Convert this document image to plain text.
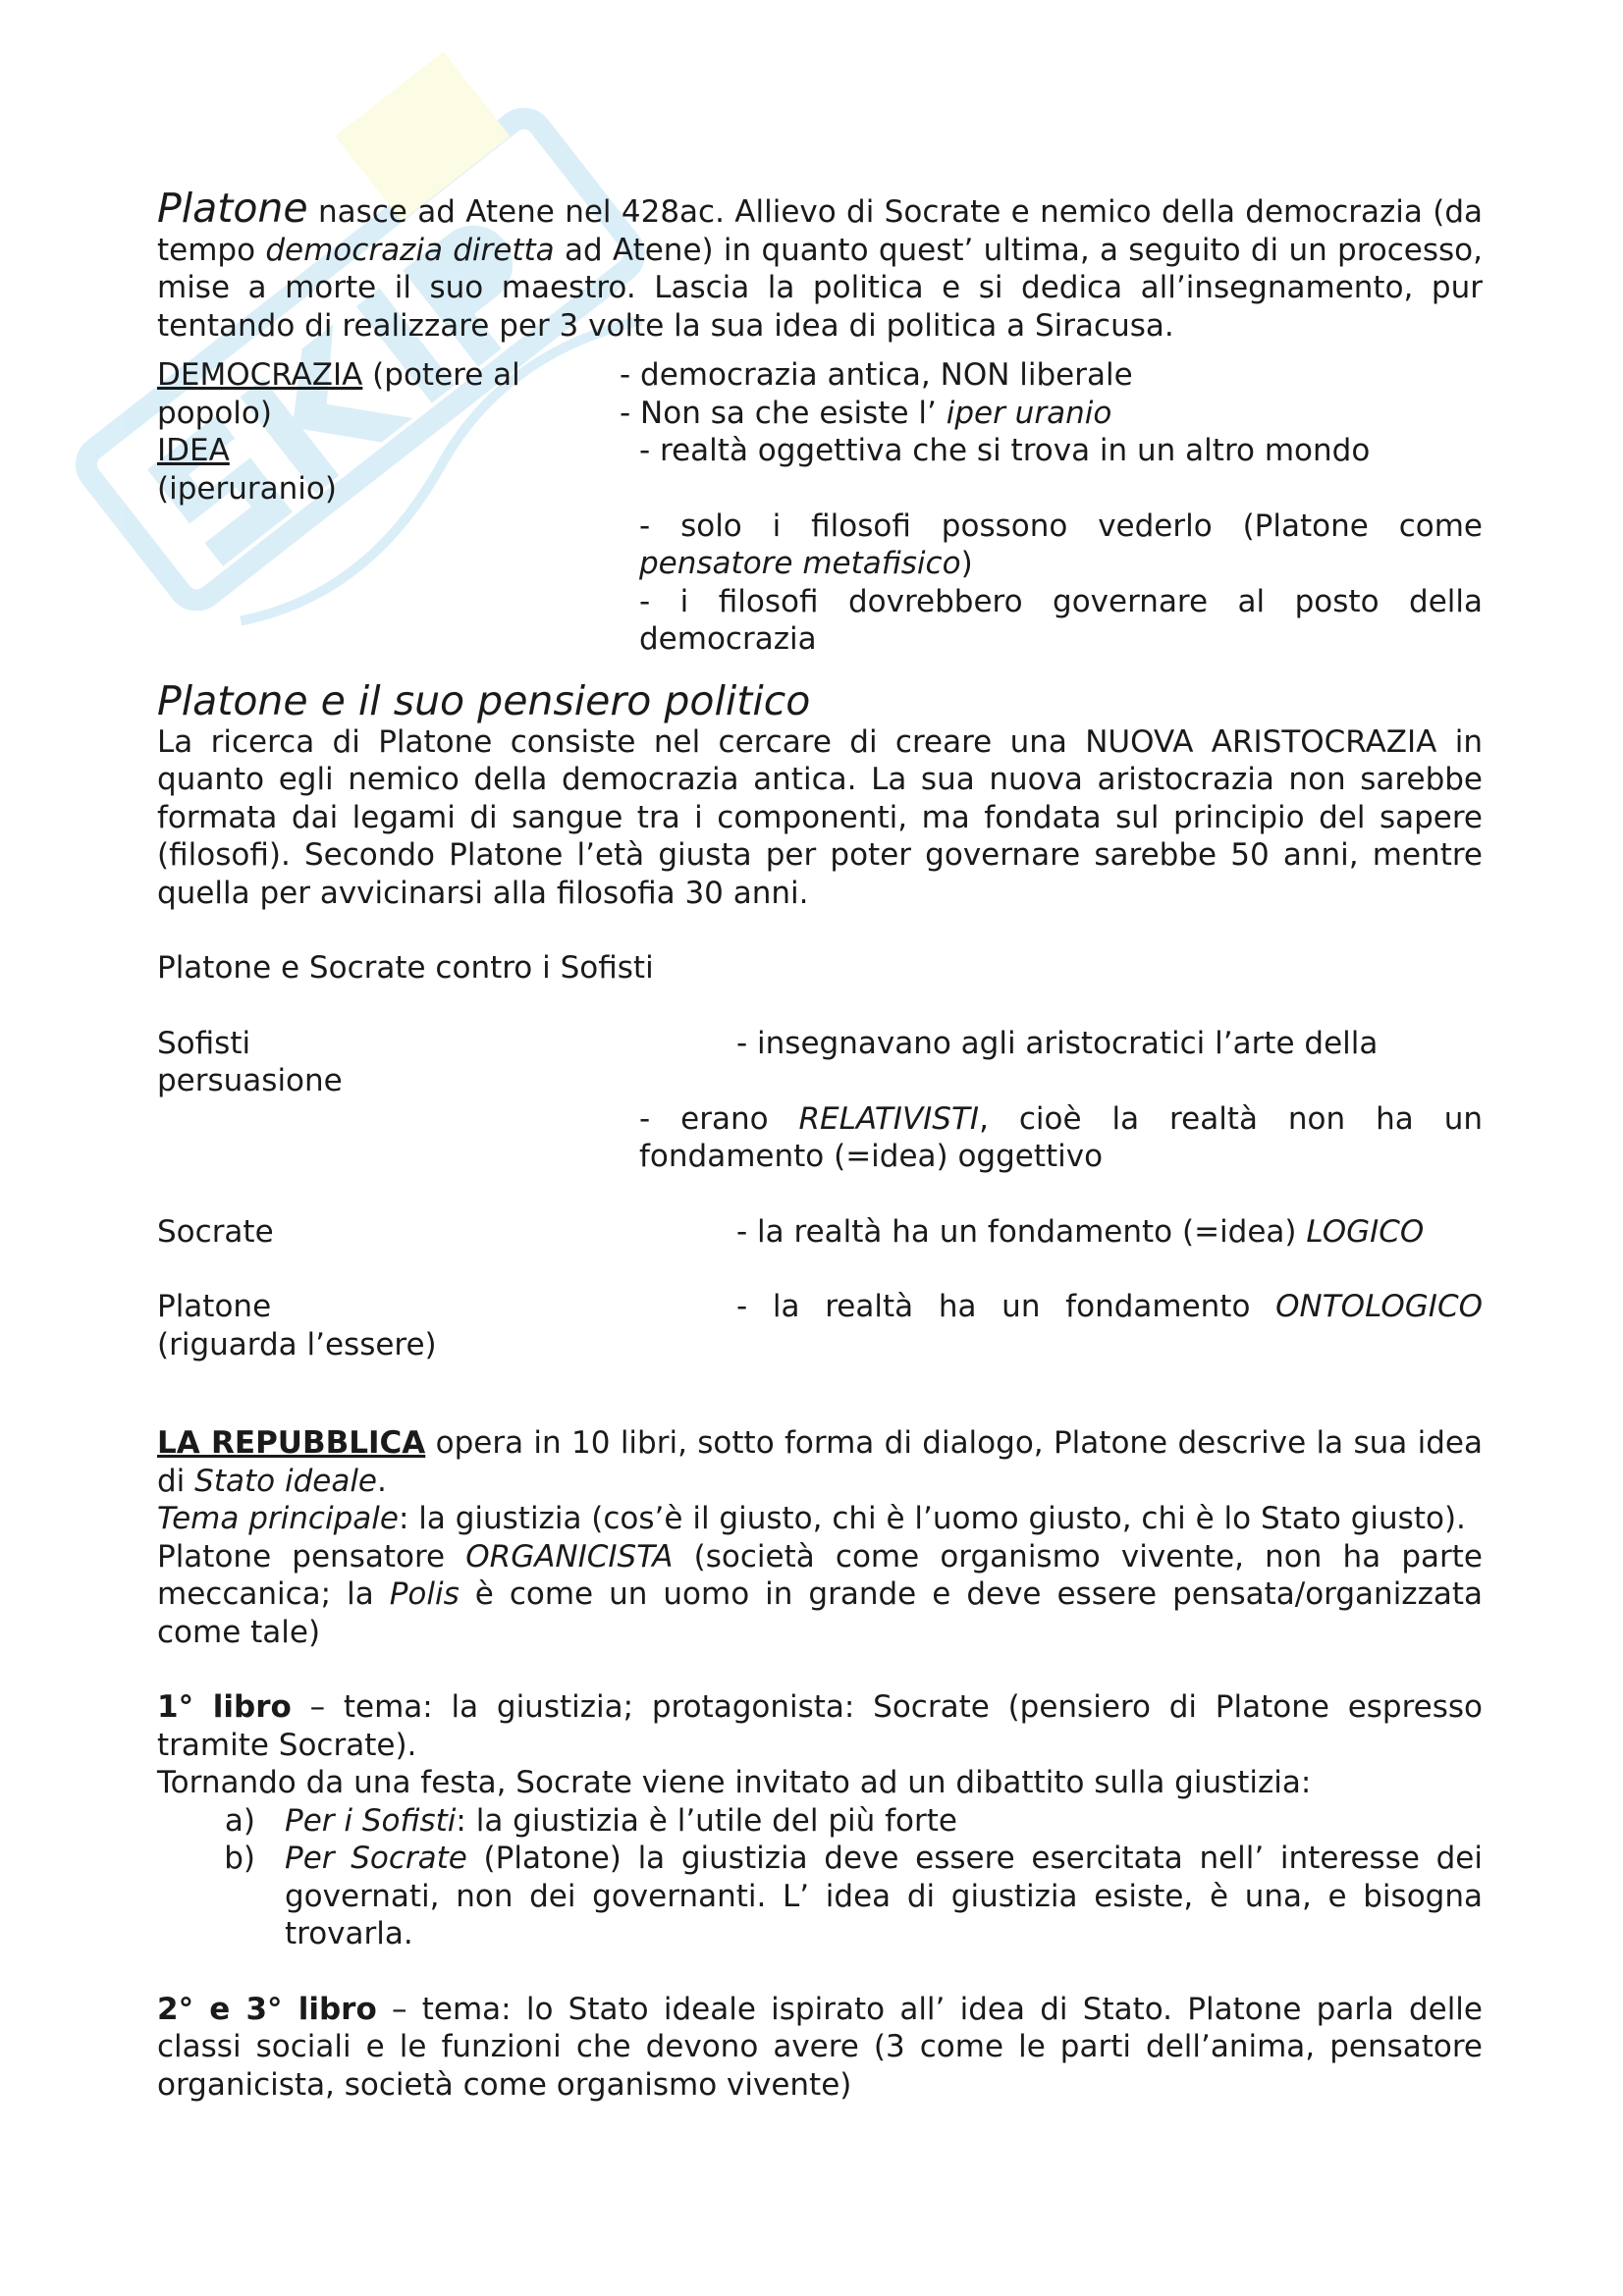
Platone nasce ad Atene nel 428ac. Allievo di Socrate e nemico della democrazia (da tempo democrazia diretta ad Atene) in quanto quest’ ultima, a seguito di un processo, mise a morte il suo maestro. Lascia la politica e si dedica all’insegnamento, pur tentando di realizzare per 3 volte la sua idea di politica a Siracusa.

DEMOCRAZIA (potere al popolo)
- democrazia antica, NON liberale
- Non sa che esiste l’ iper uranio
IDEA
(iperuranio)
- realtà oggettiva che si trova in un altro mondo
- solo i filosofi possono vederlo (Platone come pensatore metafisico)
- i filosofi dovrebbero governare al posto della democrazia

Platone e il suo pensiero politico

La ricerca di Platone consiste nel cercare di creare una NUOVA ARISTOCRAZIA in quanto egli nemico della democrazia antica. La sua nuova aristocrazia non sarebbe formata dai legami di sangue tra i componenti, ma fondata sul principio del sapere (filosofi). Secondo Platone l’età giusta per poter governare sarebbe 50 anni, mentre quella per avvicinarsi alla filosofia 30 anni.

Platone e Socrate contro i Sofisti

Sofisti	- insegnavano agli aristocratici l’arte della

persuasione

- erano RELATIVISTI, cioè la realtà non ha un fondamento (=idea) oggettivo
Socrate	- la realtà ha un fondamento (=idea) LOGICO
Platone
(riguarda l’essere)
- la realtà ha un fondamento ONTOLOGICO

LA REPUBBLICA opera in 10 libri, sotto forma di dialogo, Platone descrive la sua idea di Stato ideale.

Tema principale: la giustizia (cos’è il giusto, chi è l’uomo giusto, chi è lo Stato giusto).

Platone pensatore ORGANICISTA (società come organismo vivente, non ha parte meccanica; la Polis è come un uomo in grande e deve essere pensata/organizzata come tale)

1° libro – tema: la giustizia; protagonista: Socrate (pensiero di Platone espresso tramite Socrate).

Tornando da una festa, Socrate viene invitato ad un dibattito sulla giustizia:

a) Per i Sofisti: la giustizia è l’utile del più forte
b) Per Socrate (Platone) la giustizia deve essere esercitata nell’ interesse dei governati, non dei governanti. L’ idea di giustizia esiste, è una, e bisogna trovarla.

2° e 3° libro – tema: lo Stato ideale ispirato all’ idea di Stato. Platone parla delle classi sociali e le funzioni che devono avere (3 come le parti dell’anima, pensatore organicista, società come organismo vivente)
